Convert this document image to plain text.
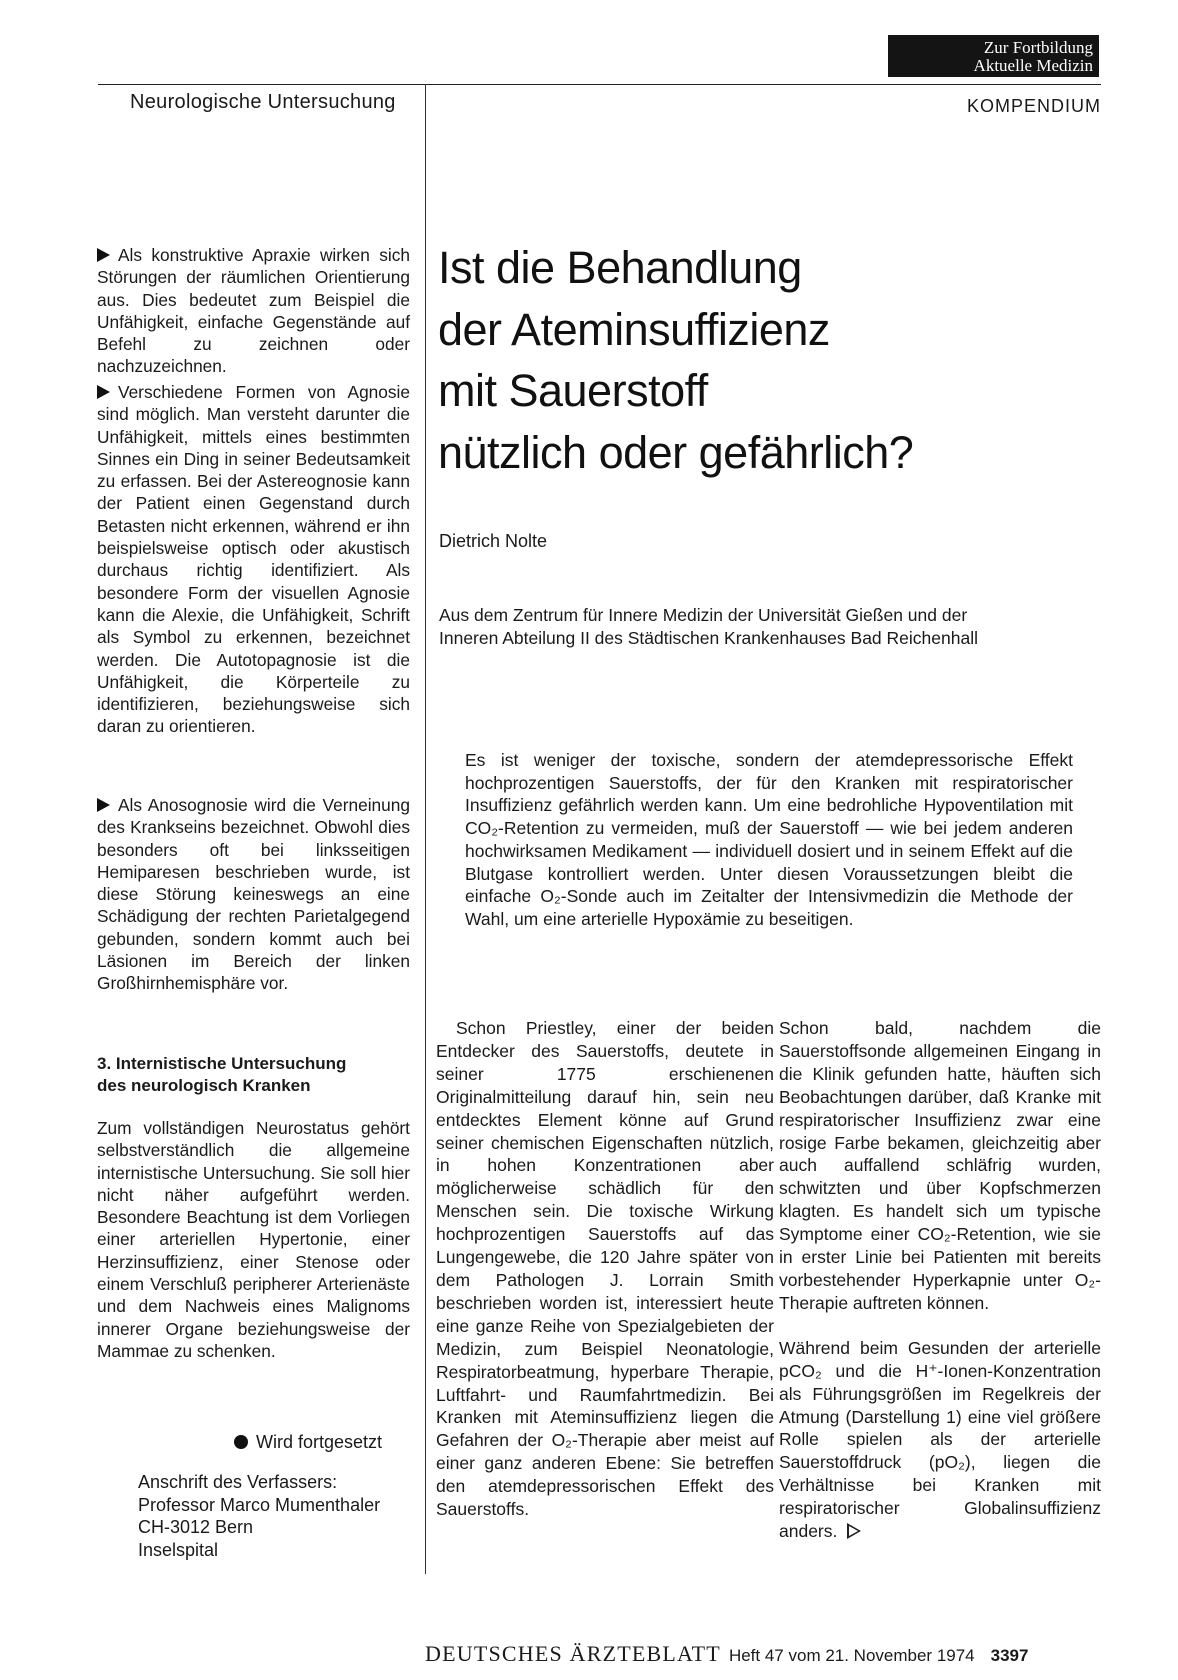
Zur Fortbildung
Aktuelle Medizin
Neurologische Untersuchung	KOMPENDIUM

Als konstruktive Apraxie wirken sich Störungen der räumlichen Orientierung aus. Dies bedeutet zum Beispiel die Unfähigkeit, einfache Gegenstände auf Befehl zu zeichnen oder nachzuzeichnen.

Verschiedene Formen von Agnosie sind möglich. Man versteht darunter die Unfähigkeit, mittels eines bestimmten Sinnes ein Ding in seiner Bedeutsamkeit zu erfassen. Bei der Astereognosie kann der Patient einen Gegenstand durch Betasten nicht erkennen, während er ihn beispielsweise optisch oder akustisch durchaus richtig identifiziert. Als besondere Form der visuellen Agnosie kann die Alexie, die Unfähigkeit, Schrift als Symbol zu erkennen, bezeichnet werden. Die Autotopagnosie ist die Unfähigkeit, die Körperteile zu identifizieren, beziehungsweise sich daran zu orientieren.

Als Anosognosie wird die Verneinung des Krankseins bezeichnet. Obwohl dies besonders oft bei linksseitigen Hemiparesen beschrieben wurde, ist diese Störung keineswegs an eine Schädigung der rechten Parietalgegend gebunden, sondern kommt auch bei Läsionen im Bereich der linken Großhirnhemisphäre vor.

3. Internistische Untersuchung
des neurologisch Kranken

Zum vollständigen Neurostatus gehört selbstverständlich die allgemeine internistische Untersuchung. Sie soll hier nicht näher aufgeführt werden. Besondere Beachtung ist dem Vorliegen einer arteriellen Hypertonie, einer Herzinsuffizienz, einer Stenose oder einem Verschluß peripherer Arterienäste und dem Nachweis eines Malignoms innerer Organe beziehungsweise der Mammae zu schenken.

Wird fortgesetzt
Anschrift des Verfassers:
Professor Marco Mumenthaler
CH-3012 Bern
Inselspital
Ist die Behandlung
der Ateminsuffizienz
mit Sauerstoff
nützlich oder gefährlich?
Dietrich Nolte
Aus dem Zentrum für Innere Medizin der Universität Gießen und der
Inneren Abteilung II des Städtischen Krankenhauses Bad Reichenhall
Es ist weniger der toxische, sondern der atemdepressorische Effekt hochprozentigen Sauerstoffs, der für den Kranken mit respiratorischer Insuffizienz gefährlich werden kann. Um eine bedrohliche Hypoventilation mit CO₂-Retention zu vermeiden, muß der Sauerstoff — wie bei jedem anderen hochwirksamen Medikament — individuell dosiert und in seinem Effekt auf die Blutgase kontrolliert werden. Unter diesen Voraussetzungen bleibt die einfache O₂-Sonde auch im Zeitalter der Intensivmedizin die Methode der Wahl, um eine arterielle Hypoxämie zu beseitigen.

Schon Priestley, einer der beiden Entdecker des Sauerstoffs, deutete in seiner 1775 erschienenen Originalmitteilung darauf hin, sein neu entdecktes Element könne auf Grund seiner chemischen Eigenschaften nützlich, in hohen Konzentrationen aber möglicherweise schädlich für den Menschen sein. Die toxische Wirkung hochprozentigen Sauerstoffs auf das Lungengewebe, die 120 Jahre später von dem Pathologen J. Lorrain Smith beschrieben worden ist, interessiert heute eine ganze Reihe von Spezialgebieten der Medizin, zum Beispiel Neonatologie, Respiratorbeatmung, hyperbare Therapie, Luftfahrt- und Raumfahrtmedizin. Bei Kranken mit Ateminsuffizienz liegen die Gefahren der O₂-Therapie aber meist auf einer ganz anderen Ebene: Sie betreffen den atemdepressorischen Effekt des Sauerstoffs.

Schon bald, nachdem die Sauerstoffsonde allgemeinen Eingang in die Klinik gefunden hatte, häuften sich Beobachtungen darüber, daß Kranke mit respiratorischer Insuffizienz zwar eine rosige Farbe bekamen, gleichzeitig aber auch auffallend schläfrig wurden, schwitzten und über Kopfschmerzen klagten. Es handelt sich um typische Symptome einer CO₂-Retention, wie sie in erster Linie bei Patienten mit bereits vorbestehender Hyperkapnie unter O₂-Therapie auftreten können.

Während beim Gesunden der arterielle pCO₂ und die H⁺-Ionen-Konzentration als Führungsgrößen im Regelkreis der Atmung (Darstellung 1) eine viel größere Rolle spielen als der arterielle Sauerstoffdruck (pO₂), liegen die Verhältnisse bei Kranken mit respiratorischer Globalinsuffizienz anders.

DEUTSCHES ÄRZTEBLATT Heft 47 vom 21. November 1974 3397
